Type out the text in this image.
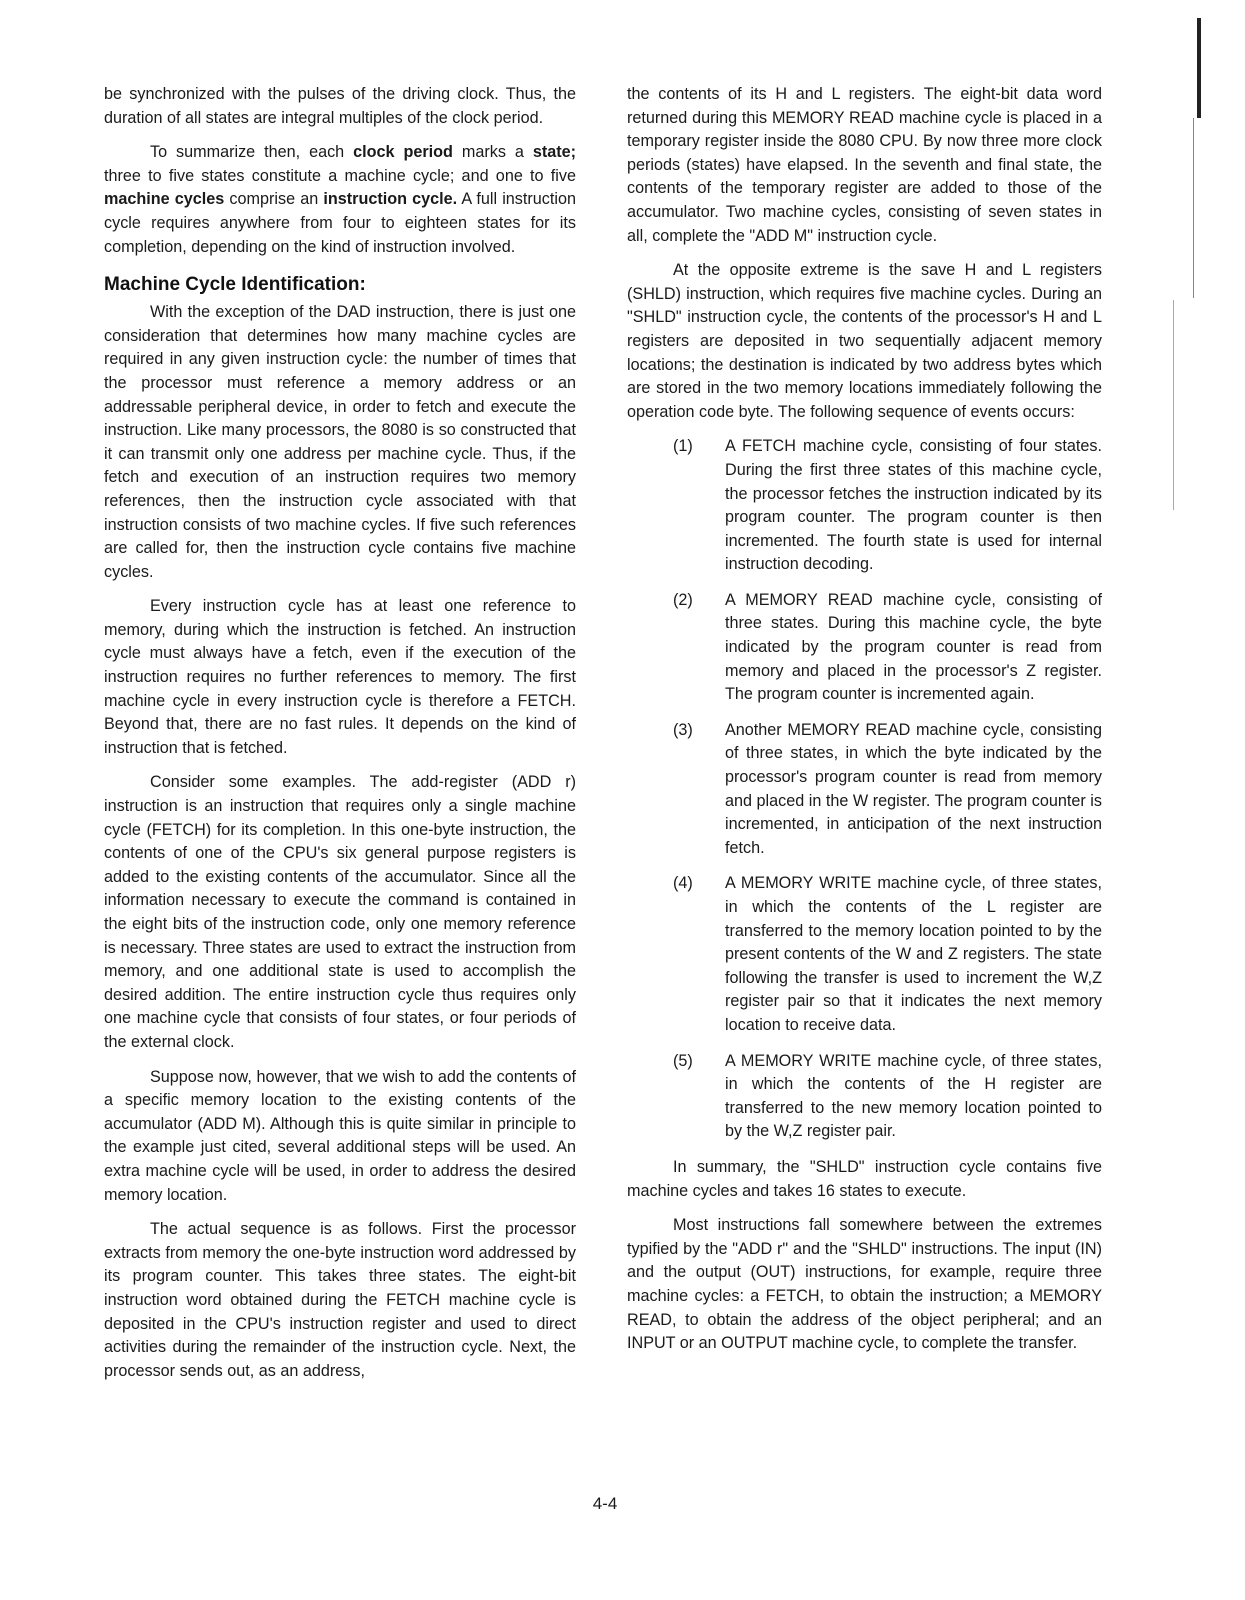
be synchronized with the pulses of the driving clock. Thus, the duration of all states are integral multiples of the clock period.

To summarize then, each clock period marks a state; three to five states constitute a machine cycle; and one to five machine cycles comprise an instruction cycle. A full instruction cycle requires anywhere from four to eighteen states for its completion, depending on the kind of instruction involved.

Machine Cycle Identification:

With the exception of the DAD instruction, there is just one consideration that determines how many machine cycles are required in any given instruction cycle: the number of times that the processor must reference a memory address or an addressable peripheral device, in order to fetch and execute the instruction. Like many processors, the 8080 is so constructed that it can transmit only one address per machine cycle. Thus, if the fetch and execution of an instruction requires two memory references, then the instruction cycle associated with that instruction consists of two machine cycles. If five such references are called for, then the instruction cycle contains five machine cycles.

Every instruction cycle has at least one reference to memory, during which the instruction is fetched. An instruction cycle must always have a fetch, even if the execution of the instruction requires no further references to memory. The first machine cycle in every instruction cycle is therefore a FETCH. Beyond that, there are no fast rules. It depends on the kind of instruction that is fetched.

Consider some examples. The add-register (ADD r) instruction is an instruction that requires only a single machine cycle (FETCH) for its completion. In this one-byte instruction, the contents of one of the CPU's six general purpose registers is added to the existing contents of the accumulator. Since all the information necessary to execute the command is contained in the eight bits of the instruction code, only one memory reference is necessary. Three states are used to extract the instruction from memory, and one additional state is used to accomplish the desired addition. The entire instruction cycle thus requires only one machine cycle that consists of four states, or four periods of the external clock.

Suppose now, however, that we wish to add the contents of a specific memory location to the existing contents of the accumulator (ADD M). Although this is quite similar in principle to the example just cited, several additional steps will be used. An extra machine cycle will be used, in order to address the desired memory location.

The actual sequence is as follows. First the processor extracts from memory the one-byte instruction word addressed by its program counter. This takes three states. The eight-bit instruction word obtained during the FETCH machine cycle is deposited in the CPU's instruction register and used to direct activities during the remainder of the instruction cycle. Next, the processor sends out, as an address,

the contents of its H and L registers. The eight-bit data word returned during this MEMORY READ machine cycle is placed in a temporary register inside the 8080 CPU. By now three more clock periods (states) have elapsed. In the seventh and final state, the contents of the temporary register are added to those of the accumulator. Two machine cycles, consisting of seven states in all, complete the "ADD M" instruction cycle.

At the opposite extreme is the save H and L registers (SHLD) instruction, which requires five machine cycles. During an "SHLD" instruction cycle, the contents of the processor's H and L registers are deposited in two sequentially adjacent memory locations; the destination is indicated by two address bytes which are stored in the two memory locations immediately following the operation code byte. The following sequence of events occurs:

(1)	A FETCH machine cycle, consisting of four states. During the first three states of this machine cycle, the processor fetches the instruction indicated by its program counter. The program counter is then incremented. The fourth state is used for internal instruction decoding.
(2)	A MEMORY READ machine cycle, consisting of three states. During this machine cycle, the byte indicated by the program counter is read from memory and placed in the processor's Z register. The program counter is incremented again.
(3)	Another MEMORY READ machine cycle, consisting of three states, in which the byte indicated by the processor's program counter is read from memory and placed in the W register. The program counter is incremented, in anticipation of the next instruction fetch.
(4)	A MEMORY WRITE machine cycle, of three states, in which the contents of the L register are transferred to the memory location pointed to by the present contents of the W and Z registers. The state following the transfer is used to increment the W,Z register pair so that it indicates the next memory location to receive data.
(5)	A MEMORY WRITE machine cycle, of three states, in which the contents of the H register are transferred to the new memory location pointed to by the W,Z register pair.

In summary, the "SHLD" instruction cycle contains five machine cycles and takes 16 states to execute.

Most instructions fall somewhere between the extremes typified by the "ADD r" and the "SHLD" instructions. The input (IN) and the output (OUT) instructions, for example, require three machine cycles: a FETCH, to obtain the instruction; a MEMORY READ, to obtain the address of the object peripheral; and an INPUT or an OUTPUT machine cycle, to complete the transfer.

4-4
